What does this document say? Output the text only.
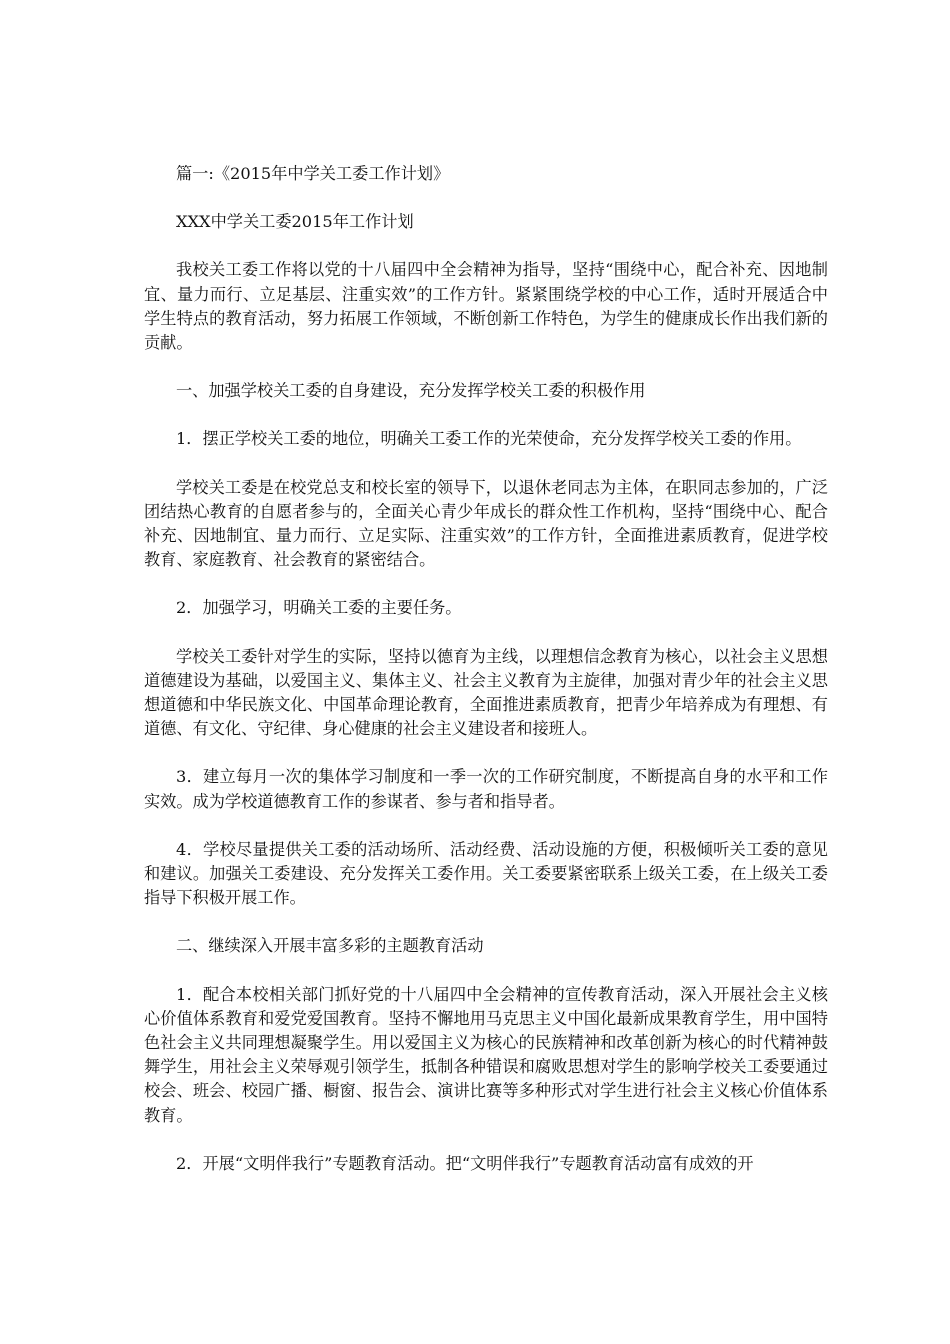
篇一:《2015年中学关工委工作计划》

XXX中学关工委2015年工作计划

我校关工委工作将以党的十八届四中全会精神为指导，坚持“围绕中心，配合补充、因地制宜、量力而行、立足基层、注重实效”的工作方针。紧紧围绕学校的中心工作，适时开展适合中学生特点的教育活动，努力拓展工作领域，不断创新工作特色，为学生的健康成长作出我们新的贡献。

一、加强学校关工委的自身建设，充分发挥学校关工委的积极作用

1．摆正学校关工委的地位，明确关工委工作的光荣使命，充分发挥学校关工委的作用。

学校关工委是在校党总支和校长室的领导下，以退休老同志为主体，在职同志参加的，广泛团结热心教育的自愿者参与的，全面关心青少年成长的群众性工作机构，坚持“围绕中心、配合补充、因地制宜、量力而行、立足实际、注重实效”的工作方针，全面推进素质教育，促进学校教育、家庭教育、社会教育的紧密结合。

2．加强学习，明确关工委的主要任务。

学校关工委针对学生的实际，坚持以德育为主线，以理想信念教育为核心，以社会主义思想道德建设为基础，以爱国主义、集体主义、社会主义教育为主旋律，加强对青少年的社会主义思想道德和中华民族文化、中国革命理论教育，全面推进素质教育，把青少年培养成为有理想、有道德、有文化、守纪律、身心健康的社会主义建设者和接班人。

3．建立每月一次的集体学习制度和一季一次的工作研究制度，不断提高自身的水平和工作实效。成为学校道德教育工作的参谋者、参与者和指导者。

4．学校尽量提供关工委的活动场所、活动经费、活动设施的方便，积极倾听关工委的意见和建议。加强关工委建设、充分发挥关工委作用。关工委要紧密联系上级关工委，在上级关工委指导下积极开展工作。

二、继续深入开展丰富多彩的主题教育活动

1．配合本校相关部门抓好党的十八届四中全会精神的宣传教育活动，深入开展社会主义核心价值体系教育和爱党爱国教育。坚持不懈地用马克思主义中国化最新成果教育学生，用中国特色社会主义共同理想凝聚学生。用以爱国主义为核心的民族精神和改革创新为核心的时代精神鼓舞学生，用社会主义荣辱观引领学生，抵制各种错误和腐败思想对学生的影响学校关工委要通过校会、班会、校园广播、橱窗、报告会、演讲比赛等多种形式对学生进行社会主义核心价值体系教育。

2．开展“文明伴我行”专题教育活动。把“文明伴我行”专题教育活动富有成效的开
